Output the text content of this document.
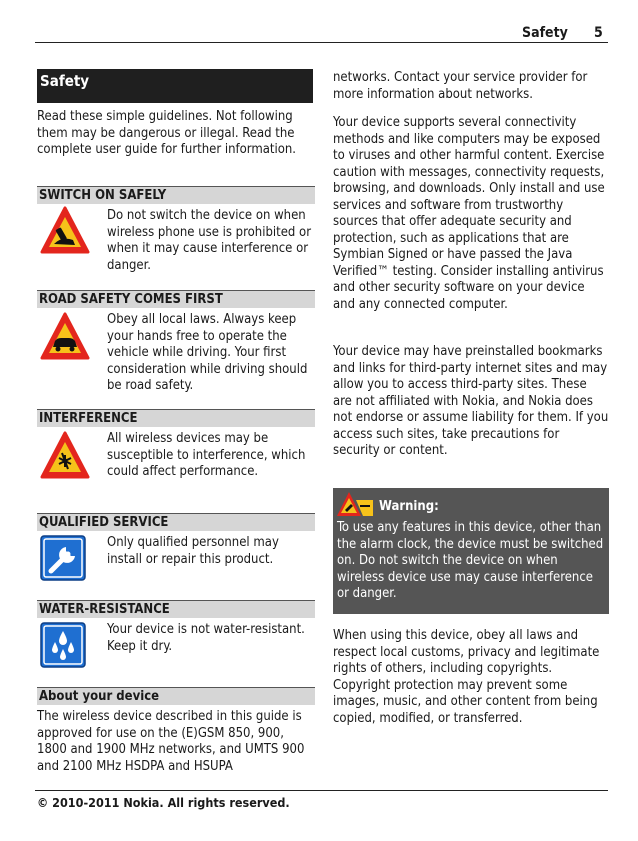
Safety 5
Safety

Read these simple guidelines. Not following them may be dangerous or illegal. Read the complete user guide for further information.

SWITCH ON SAFELY
Do not switch the device on when wireless phone use is prohibited or when it may cause interference or danger.
ROAD SAFETY COMES FIRST
Obey all local laws. Always keep your hands free to operate the vehicle while driving. Your first consideration while driving should be road safety.
INTERFERENCE
All wireless devices may be susceptible to interference, which could affect performance.
QUALIFIED SERVICE
Only qualified personnel may install or repair this product.
WATER-RESISTANCE
Your device is not water-resistant. Keep it dry.
About your device

The wireless device described in this guide is approved for use on the (E)GSM 850, 900, 1800 and 1900 MHz networks, and UMTS 900 and 2100 MHz HSDPA and HSUPA

networks. Contact your service provider for more information about networks.

Your device supports several connectivity methods and like computers may be exposed to viruses and other harmful content. Exercise caution with messages, connectivity requests, browsing, and downloads. Only install and use services and software from trustworthy sources that offer adequate security and protection, such as applications that are Symbian Signed or have passed the Java Verified™ testing. Consider installing antivirus and other security software on your device and any connected computer.

Your device may have preinstalled bookmarks and links for third-party internet sites and may allow you to access third-party sites. These are not affiliated with Nokia, and Nokia does not endorse or assume liability for them. If you access such sites, take precautions for security or content.

Warning:
To use any features in this device, other than the alarm clock, the device must be switched on. Do not switch the device on when wireless device use may cause interference or danger.

When using this device, obey all laws and respect local customs, privacy and legitimate rights of others, including copyrights. Copyright protection may prevent some images, music, and other content from being copied, modified, or transferred.

© 2010-2011 Nokia. All rights reserved.
